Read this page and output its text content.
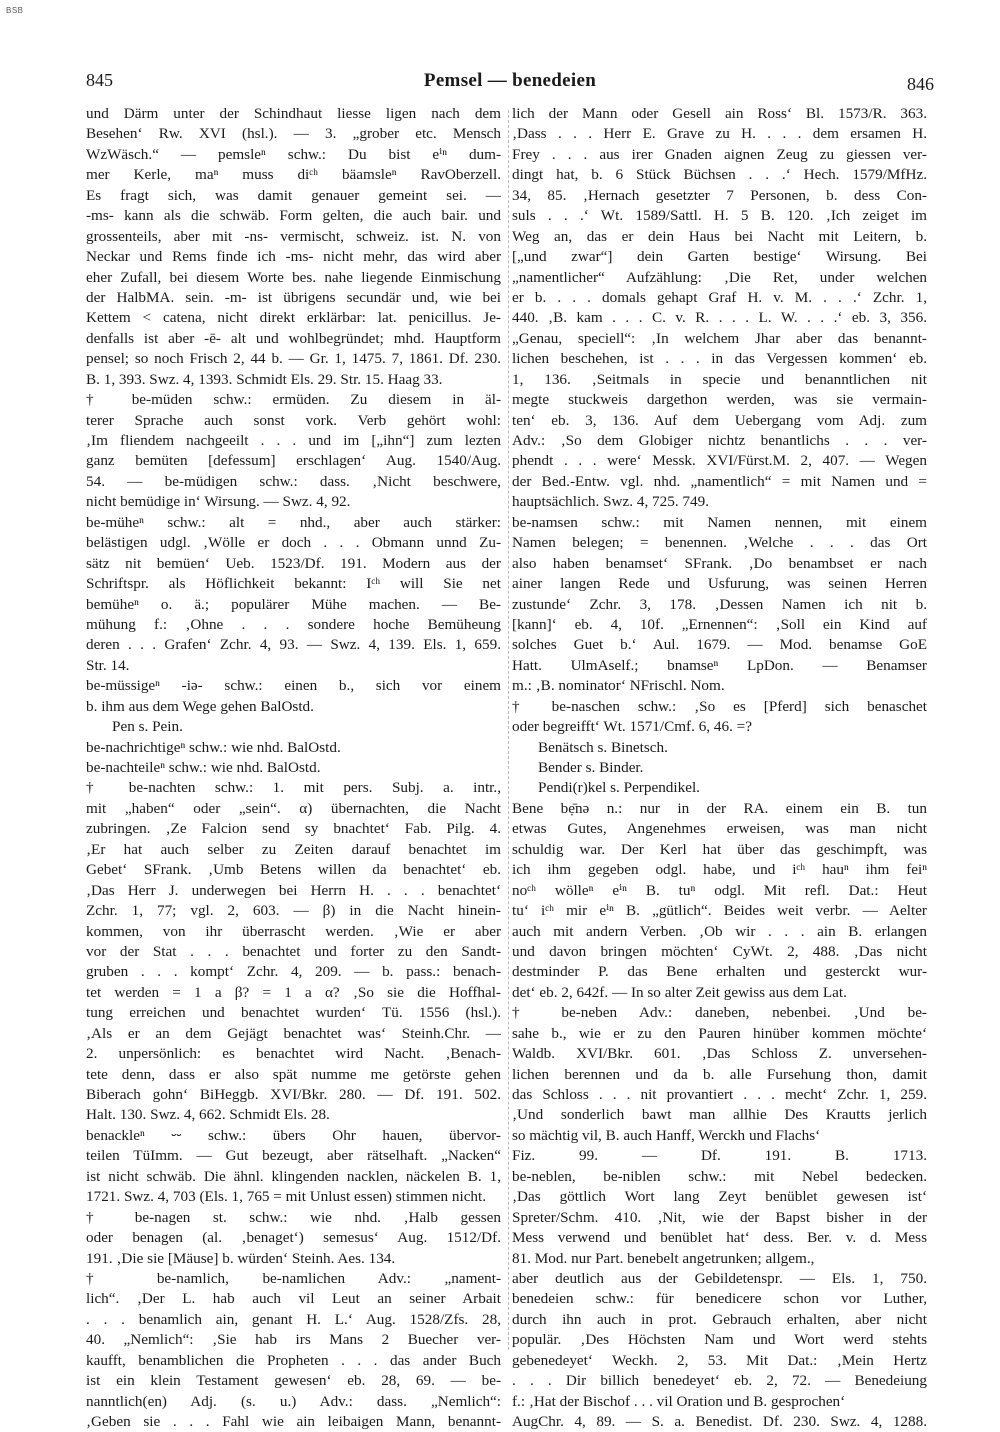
BSB
845	Pemsel — benedeien	846
und Därm unter der Schindhaut liesse ligen nach dem
Besehen‘ Rw. XVI (hsl.). — 3. „grober etc. Mensch
WzWäsch.“ — pemsleⁿ schw.: Du bist eⁱⁿ dum-
mer Kerle, maⁿ muss diᶜʰ bäamsleⁿ RavOberzell.
Es fragt sich, was damit genauer gemeint sei. —
-ms- kann als die schwäb. Form gelten, die auch bair. und
grossenteils, aber mit -ns- vermischt, schweiz. ist. N. von
Neckar und Rems finde ich -ms- nicht mehr, das wird aber
eher Zufall, bei diesem Worte bes. nahe liegende Einmischung
der HalbMA. sein. -m- ist übrigens secundär und, wie bei
Kettem < catena, nicht direkt erklärbar: lat. penicillus. Je-
denfalls ist aber -ē- alt und wohlbegründet; mhd. Hauptform
pensel; so noch Frisch 2, 44 b. — Gr. 1, 1475. 7, 1861. Df. 230.
B. 1, 393. Swz. 4, 1393. Schmidt Els. 29. Str. 15. Haag 33.
† be-müden schw.: ermüden. Zu diesem in äl-
terer Sprache auch sonst vork. Verb gehört wohl:
‚Im fliendem nachgeeilt . . . und im [„ihn“] zum lezten
ganz bemüten [defessum] erschlagen‘ Aug. 1540/Aug.
54. — be-müdigen schw.: dass. ‚Nicht beschwere,
nicht bemüdige in‘ Wirsung. — Swz. 4, 92.
be-müheⁿ schw.: alt = nhd., aber auch stärker:
belästigen udgl. ‚Wölle er doch . . . Obmann unnd Zu-
sätz nit bemüen‘ Ueb. 1523/Df. 191. Modern aus der
Schriftspr. als Höflichkeit bekannt: Iᶜʰ will Sie net
bemüheⁿ o. ä.; populärer Mühe machen. — Be-
mühung f.: ‚Ohne . . . sondere hoche Bemüheung
deren . . . Grafen‘ Zchr. 4, 93. — Swz. 4, 139. Els. 1, 659.
Str. 14.
be-müssigeⁿ -iə- schw.: einen b., sich vor einem
b. ihm aus dem Wege gehen BalOstd.
Pen s. Pein.
be-nachrichtigeⁿ schw.: wie nhd. BalOstd.
be-nachteileⁿ schw.: wie nhd. BalOstd.
† be-nachten schw.: 1. mit pers. Subj. a. intr.,
mit „haben“ oder „sein“. α) übernachten, die Nacht
zubringen. ‚Ze Falcion send sy bnachtet‘ Fab. Pilg. 4.
‚Er hat auch selber zu Zeiten darauf benachtet im
Gebet‘ SFrank. ‚Umb Betens willen da benachtet‘ eb.
‚Das Herr J. underwegen bei Herrn H. . . . benachtet‘
Zchr. 1, 77; vgl. 2, 603. — β) in die Nacht hinein-
kommen, von ihr überrascht werden. ‚Wie er aber
vor der Stat . . . benachtet und forter zu den Sandt-
gruben . . . kompt‘ Zchr. 4, 209. — b. pass.: benach-
tet werden = 1 a β? = 1 a α? ‚So sie die Hoffhal-
tung erreichen und benachtet wurden‘ Tü. 1556 (hsl.).
‚Als er an dem Gejägt benachtet was‘ Steinh.Chr. —
2. unpersönlich: es benachtet wird Nacht. ‚Benach-
tete denn, dass er also spät numme me getörste gehen
Biberach gohn‘ BiHeggb. XVI/Bkr. 280. — Df. 191. 502.
Halt. 130. Swz. 4, 662. Schmidt Els. 28.
benackleⁿ ⏑⏑ schw.: übers Ohr hauen, übervor-
teilen TüImm. — Gut bezeugt, aber rätselhaft. „Nacken“
ist nicht schwäb. Die ähnl. klingenden nacklen, näckelen B. 1,
1721. Swz. 4, 703 (Els. 1, 765 = mit Unlust essen) stimmen nicht.
† be-nagen st. schw.: wie nhd. ‚Halb gessen
oder benagen (al. ‚benaget‘) semesus‘ Aug. 1512/Df.
191. ‚Die sie [Mäuse] b. würden‘ Steinh. Aes. 134.
† be-namlich, be-namlichen Adv.: „nament-
lich“. ‚Der L. hab auch vil Leut an seiner Arbait
. . . benamlich ain, genant H. L.‘ Aug. 1528/Zfs. 28,
40. „Nemlich“: ‚Sie hab irs Mans 2 Buecher ver-
kaufft, benamblichen die Propheten . . . das ander Buch
ist ein klein Testament gewesen‘ eb. 28, 69. — be-
nanntlich(en) Adj. (s. u.) Adv.: dass. „Nemlich“:
‚Geben sie . . . Fahl wie ain leibaigen Mann, benannt-
lich der Mann oder Gesell ain Ross‘ Bl. 1573/R. 363.
‚Dass . . . Herr E. Grave zu H. . . . dem ersamen H.
Frey . . . aus irer Gnaden aignen Zeug zu giessen ver-
dingt hat, b. 6 Stück Büchsen . . .‘ Hech. 1579/MfHz.
34, 85. ‚Hernach gesetzter 7 Personen, b. dess Con-
suls . . .‘ Wt. 1589/Sattl. H. 5 B. 120. ‚Ich zeiget im
Weg an, das er dein Haus bei Nacht mit Leitern, b.
[„und zwar“] dein Garten bestige‘ Wirsung. Bei
„namentlicher“ Aufzählung: ‚Die Ret, under welchen
er b. . . . domals gehapt Graf H. v. M. . . .‘ Zchr. 1,
440. ‚B. kam . . . C. v. R. . . . L. W. . . .‘ eb. 3, 356.
„Genau, speciell“: ‚In welchem Jhar aber das benannt-
lichen beschehen, ist . . . in das Vergessen kommen‘ eb.
1, 136. ‚Seitmals in specie und benanntlichen nit
megte stuckweis dargethon werden, was sie vermain-
ten‘ eb. 3, 136. Auf dem Uebergang vom Adj. zum
Adv.: ‚So dem Globiger nichtz benantlichs . . . ver-
phendt . . . were‘ Messk. XVI/Fürst.M. 2, 407. — Wegen
der Bed.-Entw. vgl. nhd. „namentlich“ = mit Namen und =
hauptsächlich. Swz. 4, 725. 749.
be-namsen schw.: mit Namen nennen, mit einem
Namen belegen; = benennen. ‚Welche . . . das Ort
also haben benamset‘ SFrank. ‚Do benambset er nach
ainer langen Rede und Usfurung, was seinen Herren
zustunde‘ Zchr. 3, 178. ‚Dessen Namen ich nit b.
[kann]‘ eb. 4, 10f. „Ernennen“: ‚Soll ein Kind auf
solches Guet b.‘ Aul. 1679. — Mod. benamse GoE
Hatt. UlmAself.; bnamseⁿ LpDon. — Benamser
m.: ‚B. nominator‘ NFrischl. Nom.
† be-naschen schw.: ‚So es [Pferd] sich benaschet
oder begreifft‘ Wt. 1571/Cmf. 6, 46. =?
Benätsch s. Binetsch.
Bender s. Binder.
Pendi(r)kel s. Perpendikel.
Bene bẹ̄nə n.: nur in der RA. einem ein B. tun
etwas Gutes, Angenehmes erweisen, was man nicht
schuldig war. Der Kerl hat über das geschimpft, was
ich ihm gegeben odgl. habe, und iᶜʰ hauⁿ ihm feiⁿ
noᶜʰ wölleⁿ eⁱⁿ B. tuⁿ odgl. Mit refl. Dat.: Heut
tu‘ iᶜʰ mir eⁱⁿ B. „gütlich“. Beides weit verbr. — Aelter
auch mit andern Verben. ‚Ob wir . . . ain B. erlangen
und davon bringen möchten‘ CyWt. 2, 488. ‚Das nicht
destminder P. das Bene erhalten und gesterckt wur-
det‘ eb. 2, 642f. — In so alter Zeit gewiss aus dem Lat.
† be-neben Adv.: daneben, nebenbei. ‚Und be-
sahe b., wie er zu den Pauren hinüber kommen möchte‘
Waldb. XVI/Bkr. 601. ‚Das Schloss Z. unversehen-
lichen berennen und da b. alle Fursehung thon, damit
das Schloss . . . nit provantiert . . . mecht‘ Zchr. 1, 259.
‚Und sonderlich bawt man allhie Des Krautts jerlich
so mächtig vil, B. auch Hanff, Werckh und Flachs‘
Fiz. 99. — Df. 191. B. 1713.
be-neblen, be-niblen schw.: mit Nebel bedecken.
‚Das göttlich Wort lang Zeyt benüblet gewesen ist‘
Spreter/Schm. 410. ‚Nit, wie der Bapst bisher in der
Mess verwend und benüblet hat‘ dess. Ber. v. d. Mess
81. Mod. nur Part. benebelt angetrunken; allgem.,
aber deutlich aus der Gebildetenspr. — Els. 1, 750.
benedeien schw.: für benedicere schon vor Luther,
durch ihn auch in prot. Gebrauch erhalten, aber nicht
populär. ‚Des Höchsten Nam und Wort werd stehts
gebenedeyet‘ Weckh. 2, 53. Mit Dat.: ‚Mein Hertz
. . . Dir billich benedeyet‘ eb. 2, 72. — Benedeiung
f.: ‚Hat der Bischof . . . vil Oration und B. gesprochen‘
AugChr. 4, 89. — S. a. Benedist. Df. 230. Swz. 4, 1288.
